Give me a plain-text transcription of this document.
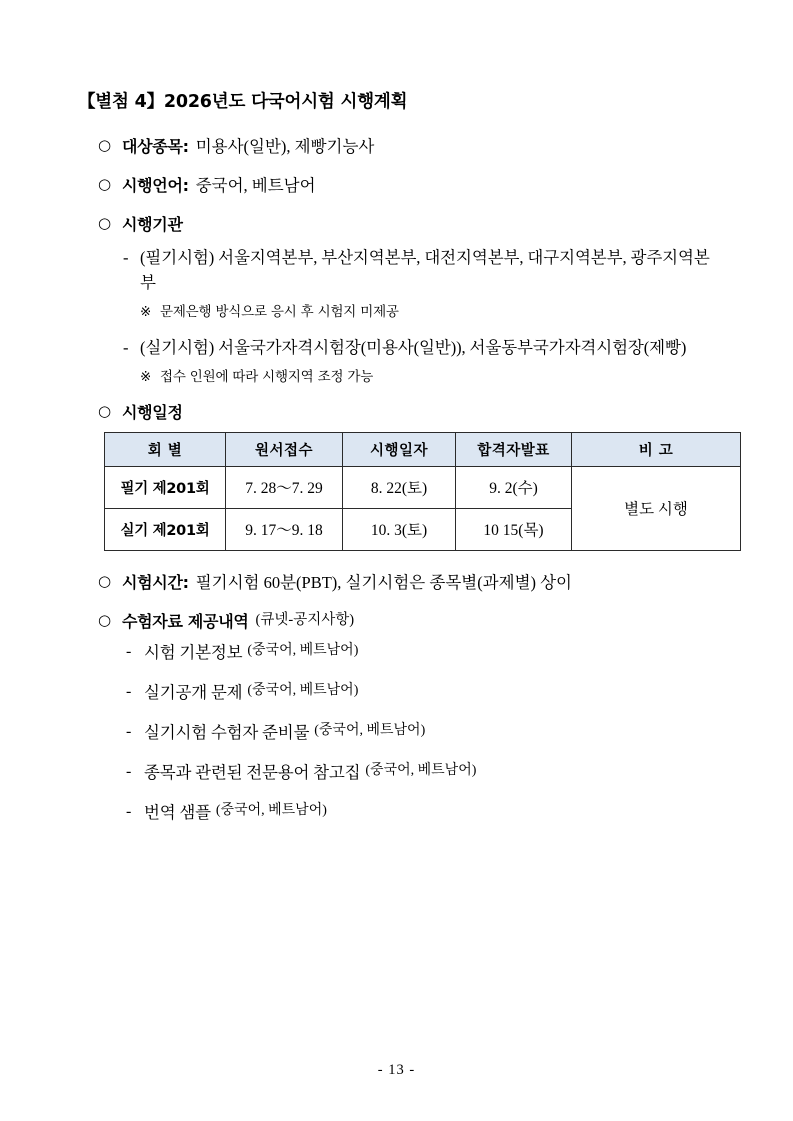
【별첨 4】2026년도 다국어시험 시행계획
○ 대상종목: 미용사(일반), 제빵기능사
○ 시행언어: 중국어, 베트남어
○ 시행기관
- (필기시험) 서울지역본부, 부산지역본부, 대전지역본부, 대구지역본부, 광주지역본부
※ 문제은행 방식으로 응시 후 시험지 미제공
- (실기시험) 서울국가자격시험장(미용사(일반)), 서울동부국가자격시험장(제빵)
※ 접수 인원에 따라 시행지역 조정 가능
○ 시행일정
회 별	원서접수	시행일자	합격자발표	비 고
필기 제201회	7. 28～7. 29	8. 22(토)	9. 2(수)	별도 시행
실기 제201회	9. 17～9. 18	10. 3(토)	10 15(목)	
○ 시험시간: 필기시험 60분(PBT), 실기시험은 종목별(과제별) 상이
○ 수험자료 제공내역 (큐넷-공지사항)
- 시험 기본정보 (중국어, 베트남어)
- 실기공개 문제 (중국어, 베트남어)
- 실기시험 수험자 준비물 (중국어, 베트남어)
- 종목과 관련된 전문용어 참고집 (중국어, 베트남어)
- 번역 샘플 (중국어, 베트남어)
- 13 -
